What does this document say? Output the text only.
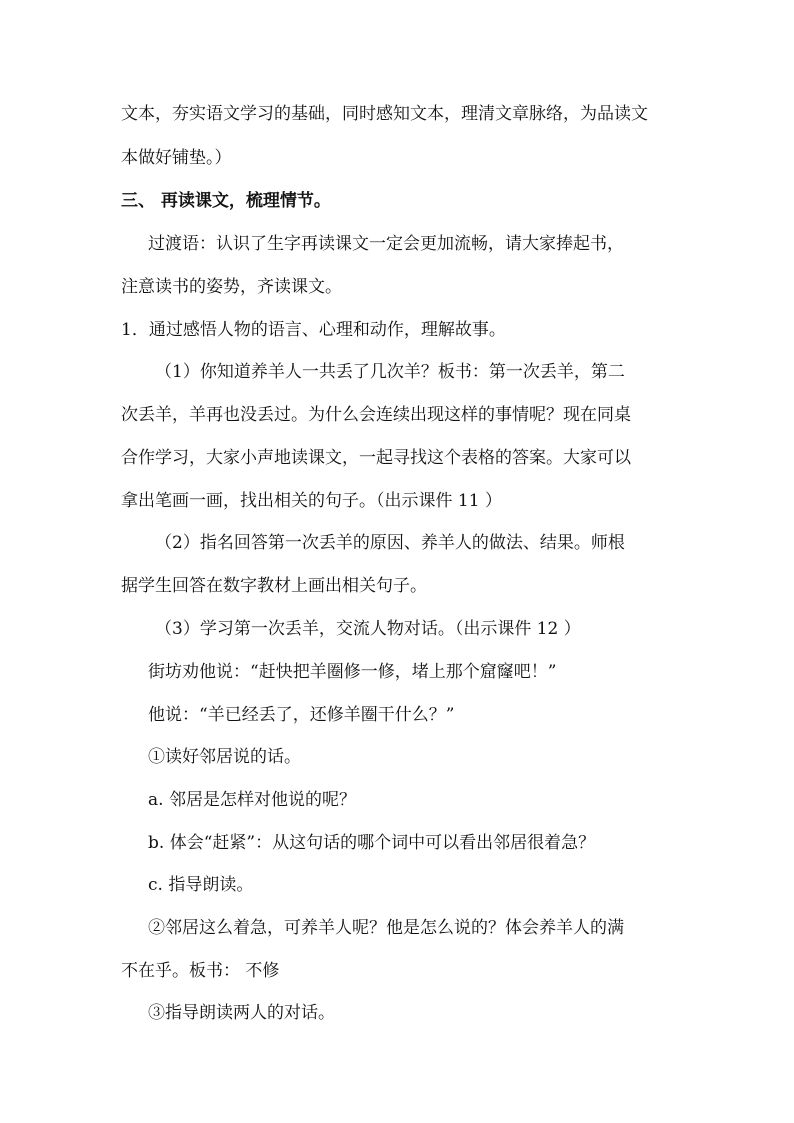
文本，夯实语文学习的基础，同时感知文本，理清文章脉络，为品读文
本做好铺垫。）
三、 再读课文，梳理情节。
过渡语：认识了生字再读课文一定会更加流畅，请大家捧起书，
注意读书的姿势，齐读课文。
1．通过感悟人物的语言、心理和动作，理解故事。
（1）你知道养羊人一共丢了几次羊？板书：第一次丢羊，第二
次丢羊，羊再也没丢过。为什么会连续出现这样的事情呢？现在同桌
合作学习，大家小声地读课文，一起寻找这个表格的答案。大家可以
拿出笔画一画，找出相关的句子。（出示课件 11 ）
（2）指名回答第一次丢羊的原因、养羊人的做法、结果。师根
据学生回答在数字教材上画出相关句子。
（3）学习第一次丢羊，交流人物对话。（出示课件 12 ）
街坊劝他说：“赶快把羊圈修一修，堵上那个窟窿吧！”
他说：“羊已经丢了，还修羊圈干什么？”
①读好邻居说的话。
a. 邻居是怎样对他说的呢？
b. 体会“赶紧”：从这句话的哪个词中可以看出邻居很着急？
c. 指导朗读。
②邻居这么着急，可养羊人呢？他是怎么说的？体会养羊人的满
不在乎。板书： 不修
③指导朗读两人的对话。
